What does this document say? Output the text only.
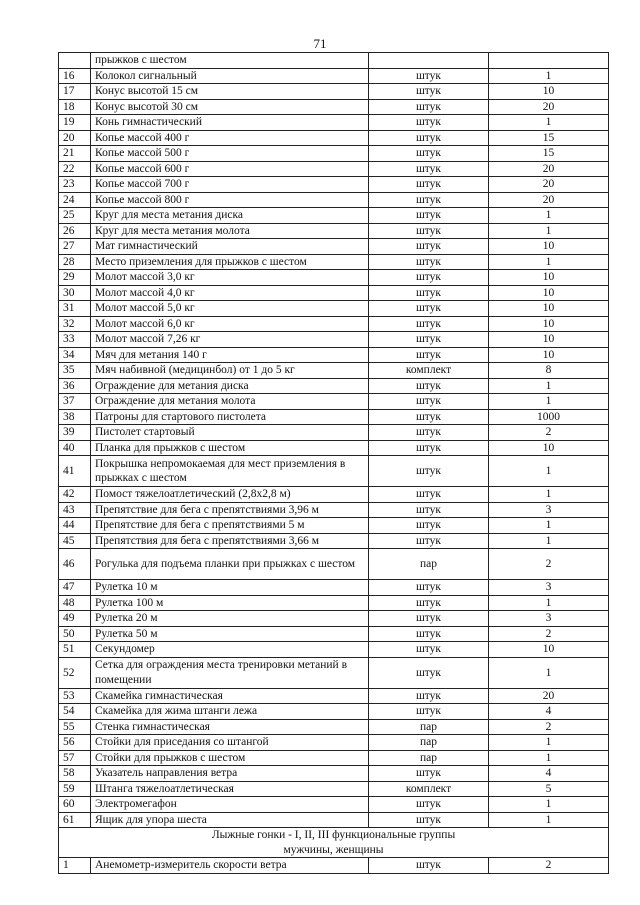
71
	прыжков с шестом		
16	Колокол сигнальный	штук	1
17	Конус высотой 15 см	штук	10
18	Конус высотой 30 см	штук	20
19	Конь гимнастический	штук	1
20	Копье массой 400 г	штук	15
21	Копье массой 500 г	штук	15
22	Копье массой 600 г	штук	20
23	Копье массой 700 г	штук	20
24	Копье массой 800 г	штук	20
25	Круг для места метания диска	штук	1
26	Круг для места метания молота	штук	1
27	Мат гимнастический	штук	10
28	Место приземления для прыжков с шестом	штук	1
29	Молот массой 3,0 кг	штук	10
30	Молот массой 4,0 кг	штук	10
31	Молот массой 5,0 кг	штук	10
32	Молот массой 6,0 кг	штук	10
33	Молот массой 7,26 кг	штук	10
34	Мяч для метания 140 г	штук	10
35	Мяч набивной (медицинбол) от 1 до 5 кг	комплект	8
36	Ограждение для метания диска	штук	1
37	Ограждение для метания молота	штук	1
38	Патроны для стартового пистолета	штук	1000
39	Пистолет стартовый	штук	2
40	Планка для прыжков с шестом	штук	10
41	Покрышка непромокаемая для мест приземления в прыжках с шестом	штук	1
42	Помост тяжелоатлетический (2,8х2,8 м)	штук	1
43	Препятствие для бега с препятствиями 3,96 м	штук	3
44	Препятствие для бега с препятствиями 5 м	штук	1
45	Препятствия для бега с препятствиями 3,66 м	штук	1
46	Рогулька для подъема планки при прыжках с шестом	пар	2
47	Рулетка 10 м	штук	3
48	Рулетка 100 м	штук	1
49	Рулетка 20 м	штук	3
50	Рулетка 50 м	штук	2
51	Секундомер	штук	10
52	Сетка для ограждения места тренировки метаний в помещении	штук	1
53	Скамейка гимнастическая	штук	20
54	Скамейка для жима штанги лежа	штук	4
55	Стенка гимнастическая	пар	2
56	Стойки для приседания со штангой	пар	1
57	Стойки для прыжков с шестом	пар	1
58	Указатель направления ветра	штук	4
59	Штанга тяжелоатлетическая	комплект	5
60	Электромегафон	штук	1
61	Ящик для упора шеста	штук	1

Лыжные гонки - I, II, III функциональные группы
мужчины, женщины			

1	Анемометр-измеритель скорости ветра	штук	2
